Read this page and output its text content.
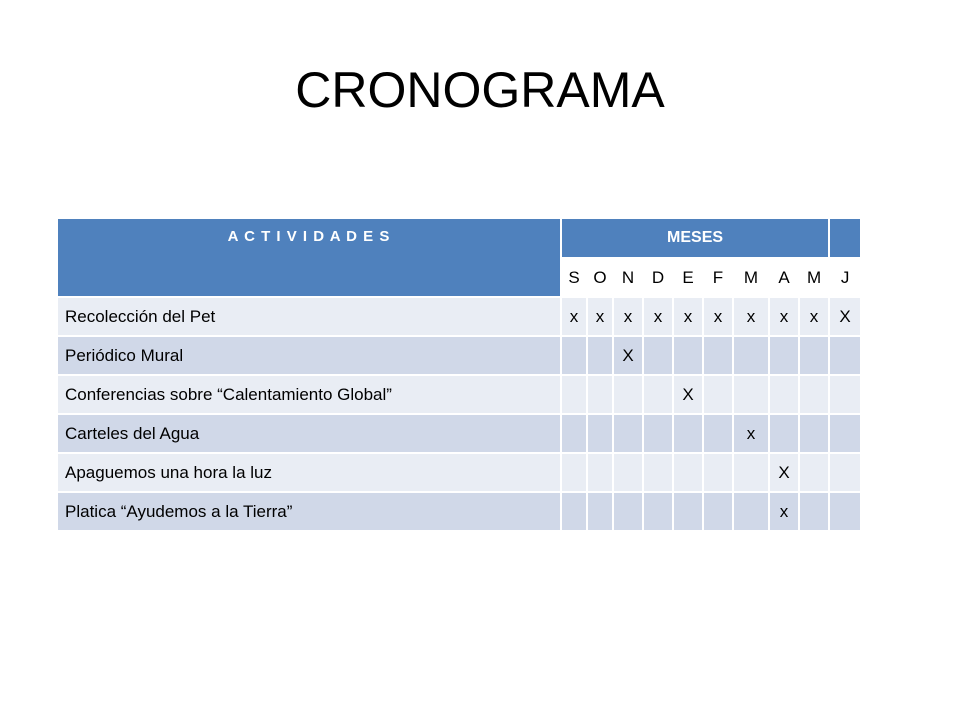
CRONOGRAMA
A C T I V I D A D E S	MESES									
	S	O	N	D	E	F	M	A	M	J
Recolección del Pet	x	x	x	x	x	x	x	x	x	X
Periódico Mural			X							
Conferencias sobre “Calentamiento Global”					X					
Carteles del Agua							x			
Apaguemos una hora la luz								X		
Platica “Ayudemos a la Tierra”								x		
